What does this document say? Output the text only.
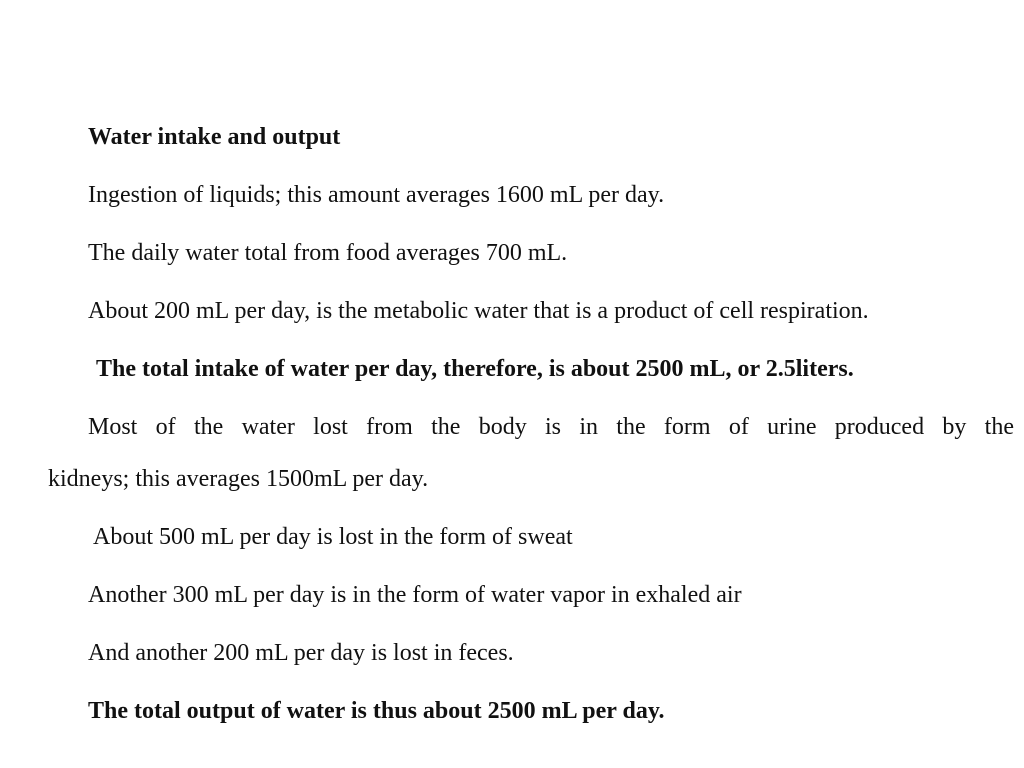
Water intake and output
Ingestion of liquids; this amount averages 1600 mL per day.
The daily water total from food averages 700 mL.
About 200 mL per day, is the metabolic water that is a product of cell respiration.
The total intake of water per day, therefore, is about 2500 mL, or 2.5liters.
Most of the water lost from the body is in the form of urine produced by the
kidneys; this averages 1500mL per day.
About 500 mL per day is lost in the form of sweat
Another 300 mL per day is in the form of water vapor in exhaled air
And another 200 mL per day is lost in feces.
The total output of water is thus about 2500 mL per day.
